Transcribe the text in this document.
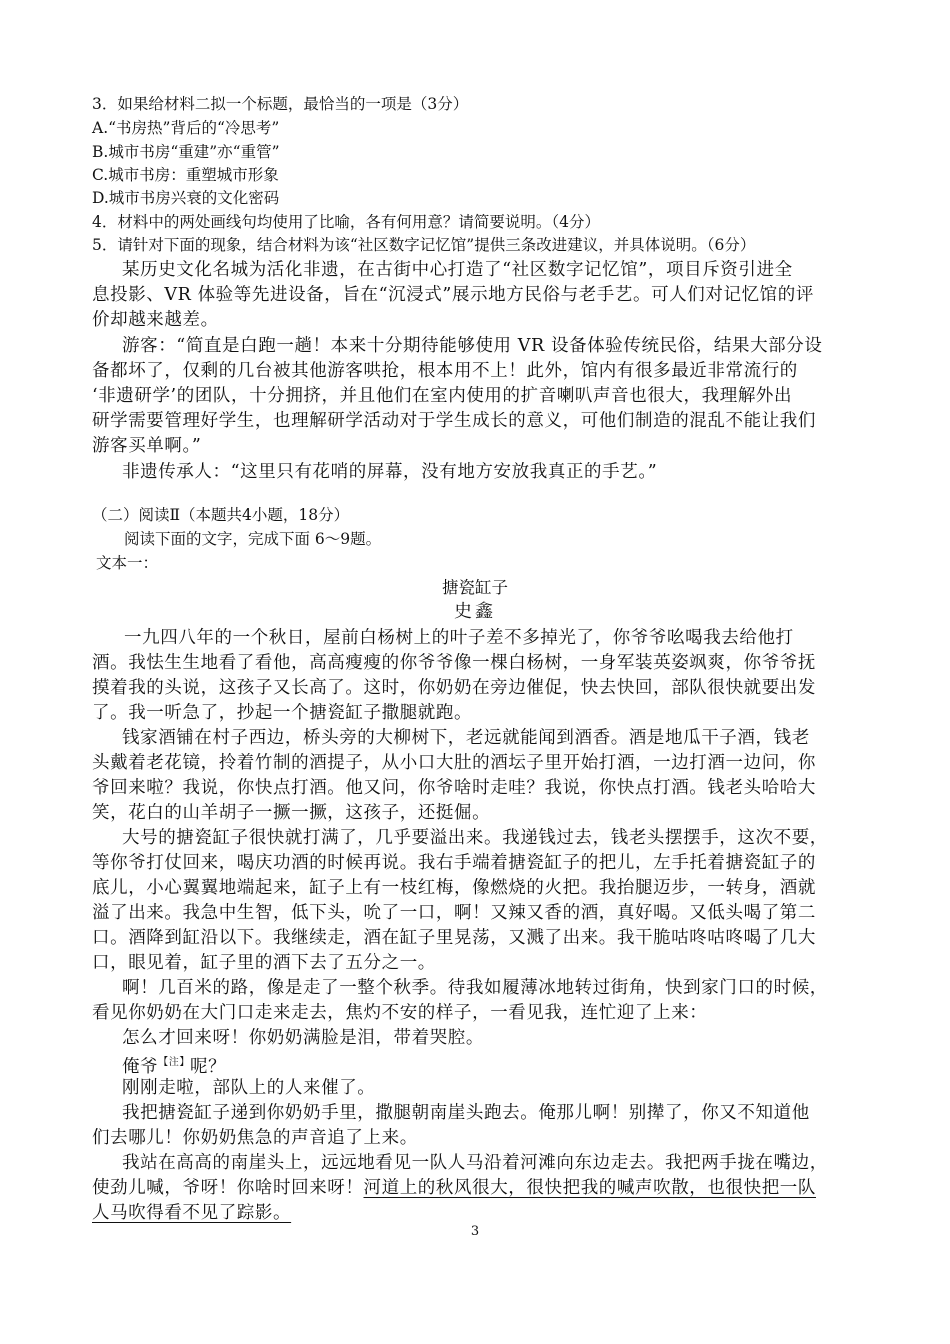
3．如果给材料二拟一个标题，最恰当的一项是（3分）
A.“书房热”背后的“冷思考”
B.城市书房“重建”亦“重管”
C.城市书房：重塑城市形象
D.城市书房兴衰的文化密码
4．材料中的两处画线句均使用了比喻，各有何用意？请简要说明。（4分）
5．请针对下面的现象，结合材料为该“社区数字记忆馆”提供三条改进建议，并具体说明。（6分）
某历史文化名城为活化非遗，在古街中心打造了“社区数字记忆馆”，项目斥资引进全
息投影、VR 体验等先进设备，旨在“沉浸式”展示地方民俗与老手艺。可人们对记忆馆的评
价却越来越差。
游客：“简直是白跑一趟！本来十分期待能够使用 VR 设备体验传统民俗，结果大部分设
备都坏了，仅剩的几台被其他游客哄抢，根本用不上！此外，馆内有很多最近非常流行的
‘非遗研学’的团队，十分拥挤，并且他们在室内使用的扩音喇叭声音也很大，我理解外出
研学需要管理好学生，也理解研学活动对于学生成长的意义，可他们制造的混乱不能让我们
游客买单啊。”
非遗传承人：“这里只有花哨的屏幕，没有地方安放我真正的手艺。”
（二）阅读Ⅱ（本题共4小题，18分）
阅读下面的文字，完成下面 6～9题。
文本一：
搪瓷缸子
史鑫
一九四八年的一个秋日，屋前白杨树上的叶子差不多掉光了，你爷爷吆喝我去给他打
酒。我怯生生地看了看他，高高瘦瘦的你爷爷像一棵白杨树，一身军装英姿飒爽，你爷爷抚
摸着我的头说，这孩子又长高了。这时，你奶奶在旁边催促，快去快回，部队很快就要出发
了。我一听急了，抄起一个搪瓷缸子撒腿就跑。
钱家酒铺在村子西边，桥头旁的大柳树下，老远就能闻到酒香。酒是地瓜干子酒，钱老
头戴着老花镜，拎着竹制的酒提子，从小口大肚的酒坛子里开始打酒，一边打酒一边问，你
爷回来啦？我说，你快点打酒。他又问，你爷啥时走哇？我说，你快点打酒。钱老头哈哈大
笑，花白的山羊胡子一撅一撅，这孩子，还挺倔。
大号的搪瓷缸子很快就打满了，几乎要溢出来。我递钱过去，钱老头摆摆手，这次不要，
等你爷打仗回来，喝庆功酒的时候再说。我右手端着搪瓷缸子的把儿，左手托着搪瓷缸子的
底儿，小心翼翼地端起来，缸子上有一枝红梅，像燃烧的火把。我抬腿迈步，一转身，酒就
溢了出来。我急中生智，低下头，吮了一口，啊！又辣又香的酒，真好喝。又低头喝了第二
口。酒降到缸沿以下。我继续走，酒在缸子里晃荡，又溅了出来。我干脆咕咚咕咚喝了几大
口，眼见着，缸子里的酒下去了五分之一。
啊！几百米的路，像是走了一整个秋季。待我如履薄冰地转过街角，快到家门口的时候，
看见你奶奶在大门口走来走去，焦灼不安的样子，一看见我，连忙迎了上来：
怎么才回来呀！你奶奶满脸是泪，带着哭腔。
俺爷$^{【注】}$呢？
刚刚走啦，部队上的人来催了。
我把搪瓷缸子递到你奶奶手里，撒腿朝南崖头跑去。俺那儿啊！别撵了，你又不知道他
们去哪儿！你奶奶焦急的声音追了上来。
我站在高高的南崖头上，远远地看见一队人马沿着河滩向东边走去。我把两手拢在嘴边，
使劲儿喊，爷呀！你啥时回来呀！河道上的秋风很大，很快把我的喊声吹散，也很快把一队
人马吹得看不见了踪影。
3
